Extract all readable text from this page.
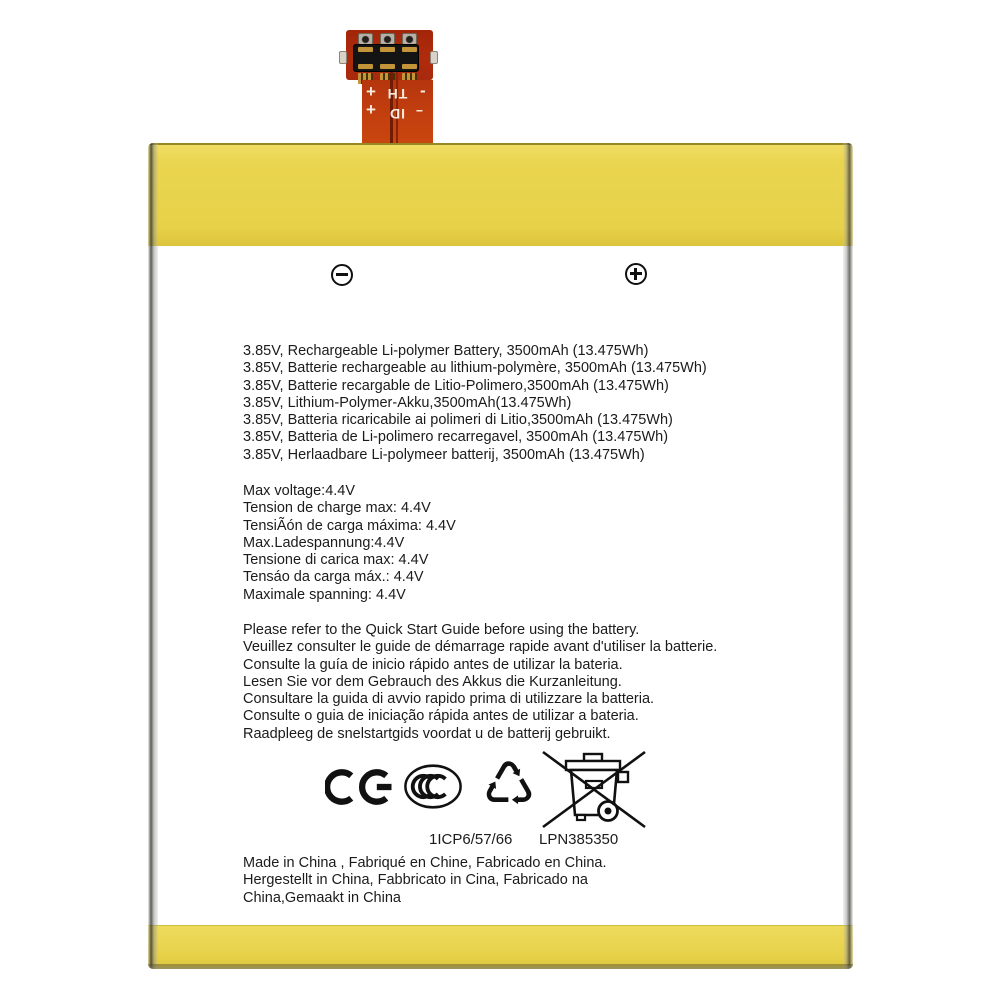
+
+ ID
TH -
--
3.85V, Rechargeable Li-polymer Battery, 3500mAh (13.475Wh)
3.85V, Batterie rechargeable au lithium-polymère, 3500mAh (13.475Wh)
3.85V, Batterie recargable de Litio-Polimero,3500mAh (13.475Wh)
3.85V, Lithium-Polymer-Akku,3500mAh(13.475Wh)
3.85V, Batteria ricaricabile ai polimeri di Litio,3500mAh (13.475Wh)
3.85V, Batteria de Li-polimero recarregavel, 3500mAh (13.475Wh)
3.85V, Herlaadbare Li-polymeer batterij, 3500mAh (13.475Wh)
Max voltage:4.4V
Tension de charge max: 4.4V
TensiÃón de carga máxima: 4.4V
Max.Ladespannung:4.4V
Tensione di carica max: 4.4V
Tensáo da carga máx.: 4.4V
Maximale spanning: 4.4V
Please refer to the Quick Start Guide before using the battery.
Veuillez consulter le guide de démarrage rapide avant d'utiliser la batterie.
Consulte la guía de inicio rápido antes de utilizar la bateria.
Lesen Sie vor dem Gebrauch des Akkus die Kurzanleitung.
Consultare la guida di avvio rapido prima di utilizzare la batteria.
Consulte o guia de iniciação rápida antes de utilizar a bateria.
Raadpleeg de snelstartgids voordat u de batterij gebruikt.
♺
1ICP6/57/66 LPN385350
Made in China , Fabriqué en Chine, Fabricado en China.
Hergestellt in China, Fabbricato in Cina, Fabricado na
China,Gemaakt in China
